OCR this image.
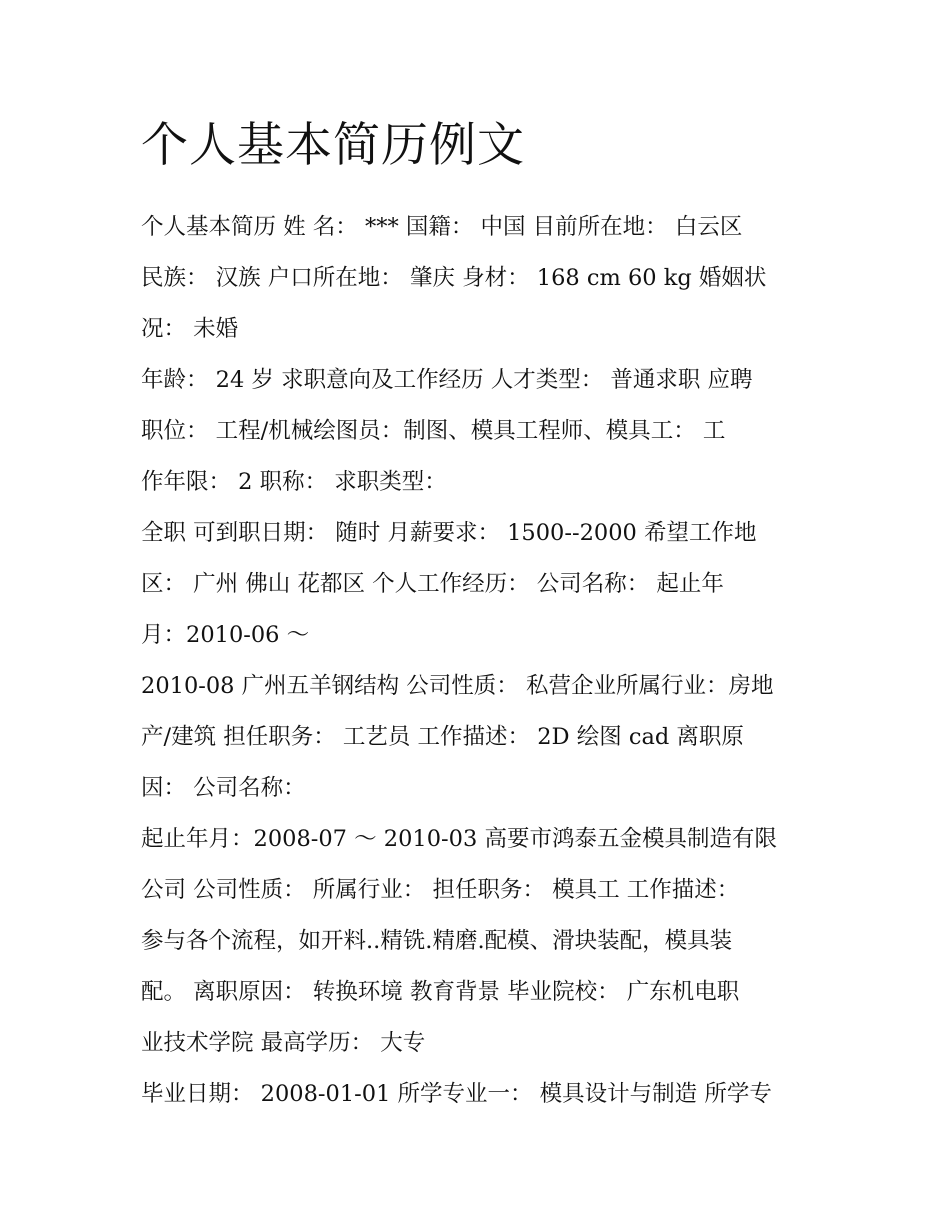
个人基本简历例文
个人基本简历 姓 名： *** 国籍： 中国 目前所在地： 白云区
民族： 汉族 户口所在地： 肇庆 身材： 168 cm 60 kg 婚姻状
况： 未婚
年龄： 24 岁 求职意向及工作经历 人才类型： 普通求职 应聘
职位： 工程/机械绘图员：制图、模具工程师、模具工： 工
作年限： 2 职称： 求职类型：
全职 可到职日期： 随时 月薪要求： 1500--2000 希望工作地
区： 广州 佛山 花都区 个人工作经历： 公司名称： 起止年
月：2010-06 ～
2010-08 广州五羊钢结构 公司性质： 私营企业所属行业：房地
产/建筑 担任职务： 工艺员 工作描述： 2D 绘图 cad 离职原
因： 公司名称：
起止年月：2008-07 ～ 2010-03 高要市鸿泰五金模具制造有限
公司 公司性质： 所属行业： 担任职务： 模具工 工作描述：
参与各个流程，如开料..精铣.精磨.配模、滑块装配，模具装
配。 离职原因： 转换环境 教育背景 毕业院校： 广东机电职
业技术学院 最高学历： 大专
毕业日期： 2008-01-01 所学专业一： 模具设计与制造 所学专
